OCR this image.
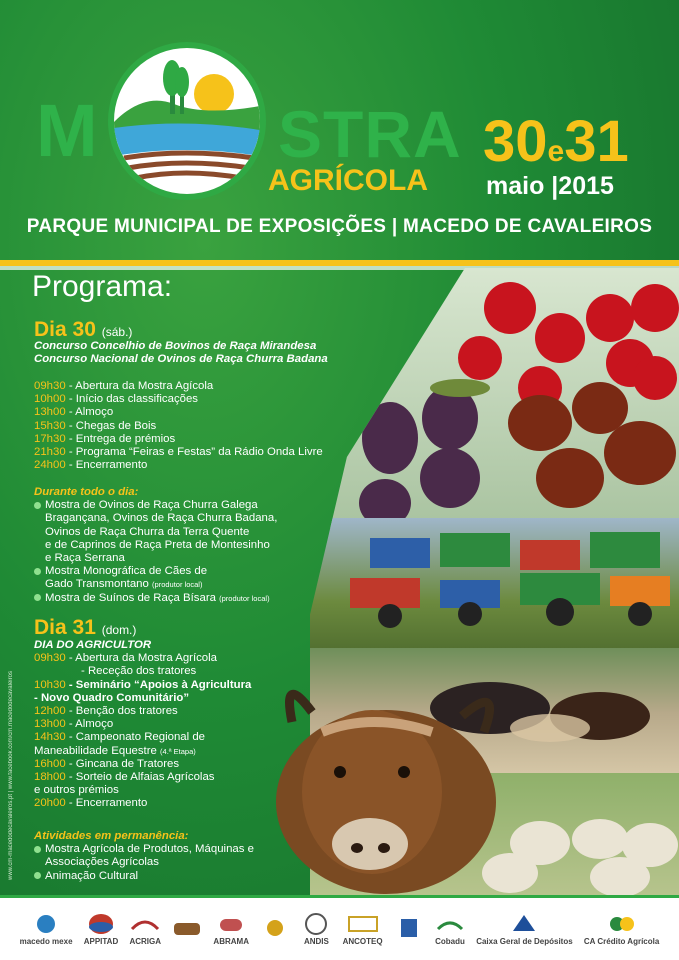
M	STRA
AGRÍCOLA
30e31
maio |2015
PARQUE MUNICIPAL DE EXPOSIÇÕES | MACEDO DE CAVALEIROS
Programa:
Dia 30 (sáb.)
Concurso Concelhio de Bovinos de Raça Mirandesa
Concurso Nacional de Ovinos de Raça Churra Badana
09h30 - Abertura da Mostra Agícola
10h00 - Início das classificações
13h00 - Almoço
15h30 - Chegas de Bois
17h30 - Entrega de prémios
21h30 - Programa “Feiras e Festas” da Rádio Onda Livre
24h00 - Encerramento
Durante todo o dia:
Mostra de Ovinos de Raça Churra Galega
Bragançana, Ovinos de Raça Churra Badana,
Ovinos de Raça Churra da Terra Quente
e de Caprinos de Raça Preta de Montesinho
e Raça Serrana
Mostra Monográfica de Cães de
Gado Transmontano (produtor local)
Mostra de Suínos de Raça Bísara (produtor local)
Dia 31 (dom.)
DIA DO AGRICULTOR
09h30 - Abertura da Mostra Agrícola
- Receção dos tratores
10h30 - Seminário “Apoios à Agricultura
- Novo Quadro Comunitário”
12h00 - Benção dos tratores
13h00 - Almoço
14h30 - Campeonato Regional de
Maneabilidade Equestre (4.ª Etapa)
16h00 - Gincana de Tratores
18h00 - Sorteio de Alfaias Agrícolas
e outros prémios
20h00 - Encerramento
Atividades em permanência:
Mostra Agrícola de Produtos, Máquinas e
Associações Agrícolas
Animação Cultural
www.cm-macedodecavaleiros.pt | www.facebook.com/cm.macedodecavaleiros
macedo mexe APPITAD ACRIGA	ABRAMA	ANDIS ANCOTEQ	Cobadu Caixa Geral de Depósitos CA Crédito Agrícola
